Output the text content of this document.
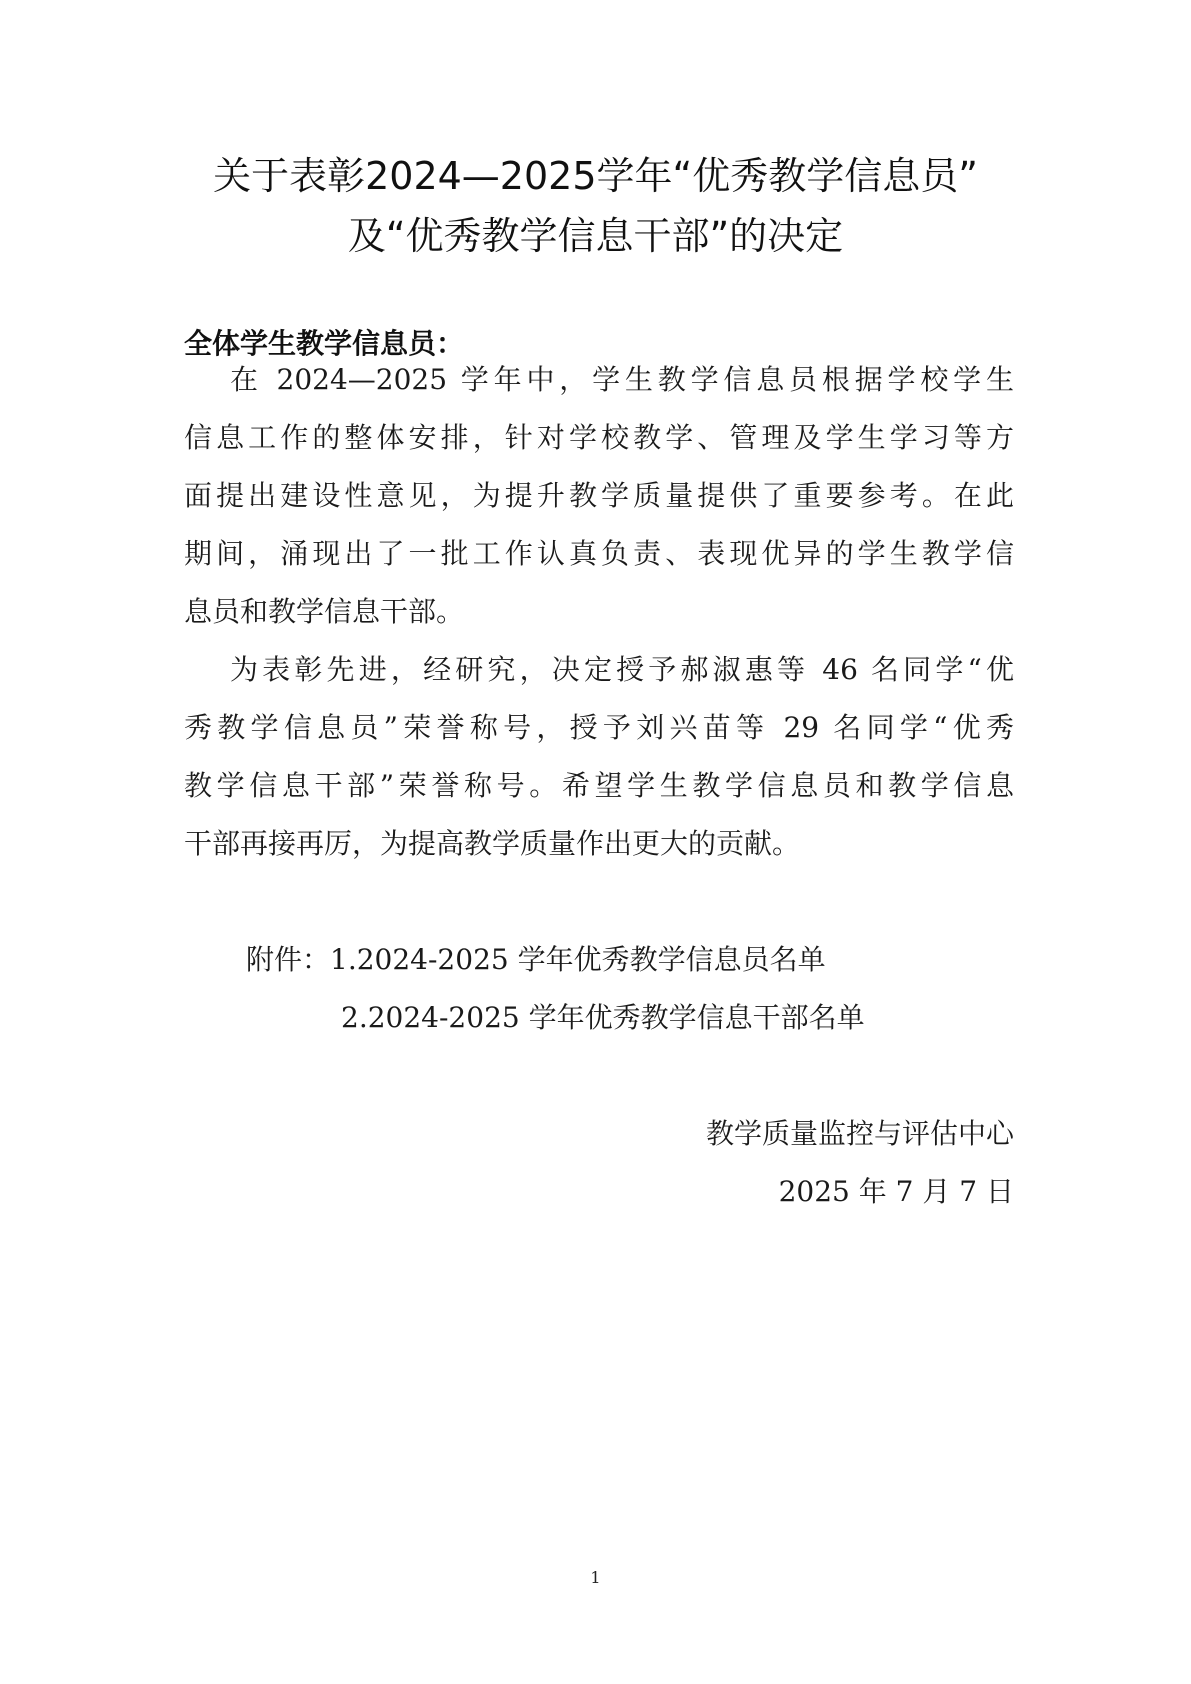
关于表彰2024—2025学年“优秀教学信息员”
及“优秀教学信息干部”的决定
全体学生教学信息员：
在 2024—2025 学年中，学生教学信息员根据学校学生
信息工作的整体安排，针对学校教学、管理及学生学习等方
面提出建设性意见，为提升教学质量提供了重要参考。在此
期间，涌现出了一批工作认真负责、表现优异的学生教学信
息员和教学信息干部。
为表彰先进，经研究，决定授予郝淑惠等 46 名同学“优
秀教学信息员”荣誉称号，授予刘兴苗等 29 名同学“优秀
教学信息干部”荣誉称号。希望学生教学信息员和教学信息
干部再接再厉，为提高教学质量作出更大的贡献。
附件：1.2024-2025 学年优秀教学信息员名单
2.2024-2025 学年优秀教学信息干部名单
教学质量监控与评估中心
2025 年 7 月 7 日
1
